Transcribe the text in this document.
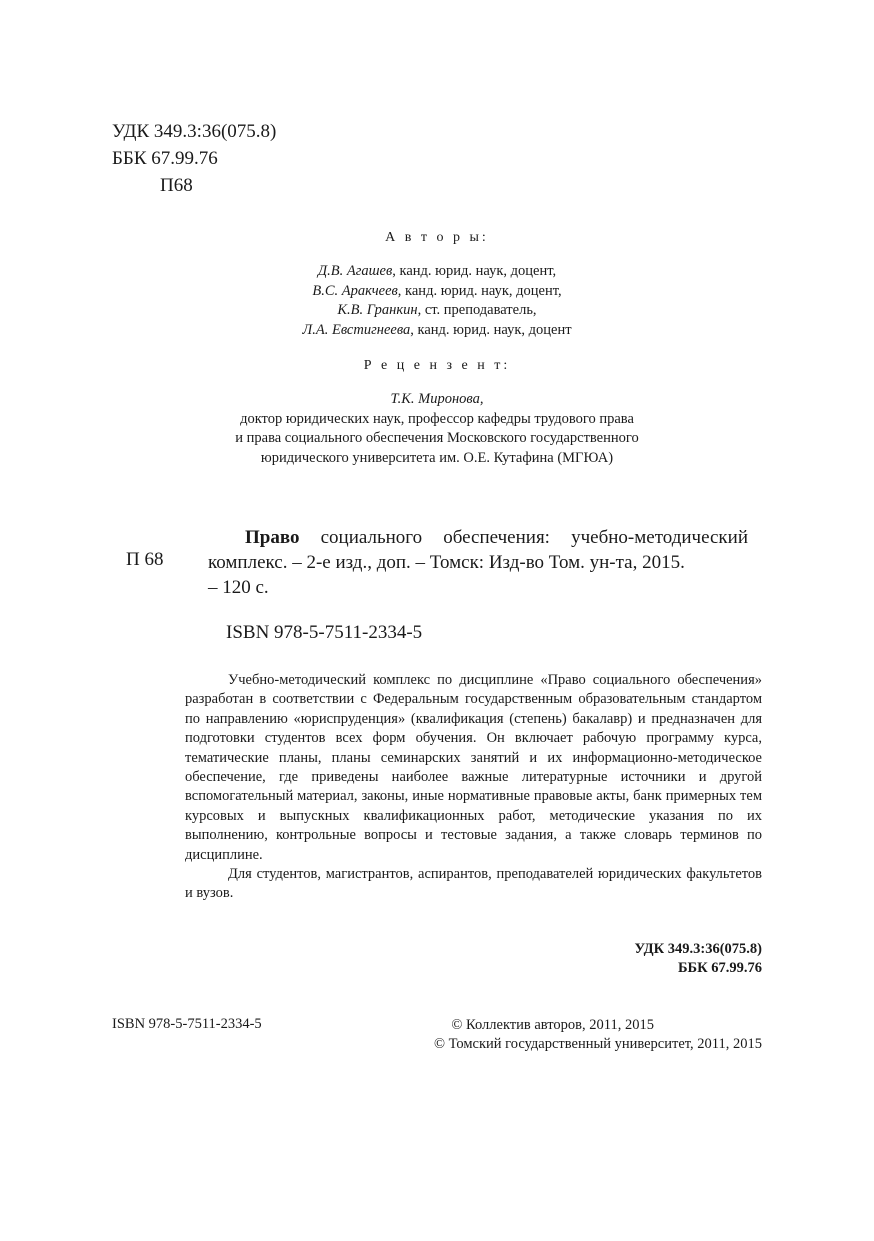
УДК 349.3:36(075.8)
ББК 67.99.76
П68
А в т о р ы:
Д.В. Агашев, канд. юрид. наук, доцент,
В.С. Аракчеев, канд. юрид. наук, доцент,
К.В. Гранкин, ст. преподаватель,
Л.А. Евстигнеева, канд. юрид. наук, доцент
Р е ц е н з е н т:
Т.К. Миронова,
доктор юридических наук, профессор кафедры трудового права
и права социального обеспечения Московского государственного
юридического университета им. О.Е. Кутафина (МГЮА)
П 68

Право социального обеспечения: учебно-методический

комплекс. – 2-е изд., доп. – Томск: Изд-во Том. ун-та, 2015.

– 120 с.

ISBN 978-5-7511-2334-5

Учебно-методический комплекс по дисциплине «Право социального обеспечения» разработан в соответствии с Федеральным государственным образовательным стандартом по направлению «юриспруденция» (квалификация (степень) бакалавр) и предназначен для подготовки студентов всех форм обучения. Он включает рабочую программу курса, тематические планы, планы семинарских занятий и их информационно-методическое обеспечение, где приведены наиболее важные литературные источники и другой вспомогательный материал, законы, иные нормативные правовые акты, банк примерных тем курсовых и выпускных квалификационных работ, методические указания по их выполнению, контрольные вопросы и тестовые задания, а также словарь терминов по дисциплине.

Для студентов, магистрантов, аспирантов, преподавателей юридических факультетов и вузов.

УДК 349.3:36(075.8)
ББК 67.99.76
ISBN 978-5-7511-2334-5	© Коллектив авторов, 2011, 2015
© Томский государственный университет, 2011, 2015
